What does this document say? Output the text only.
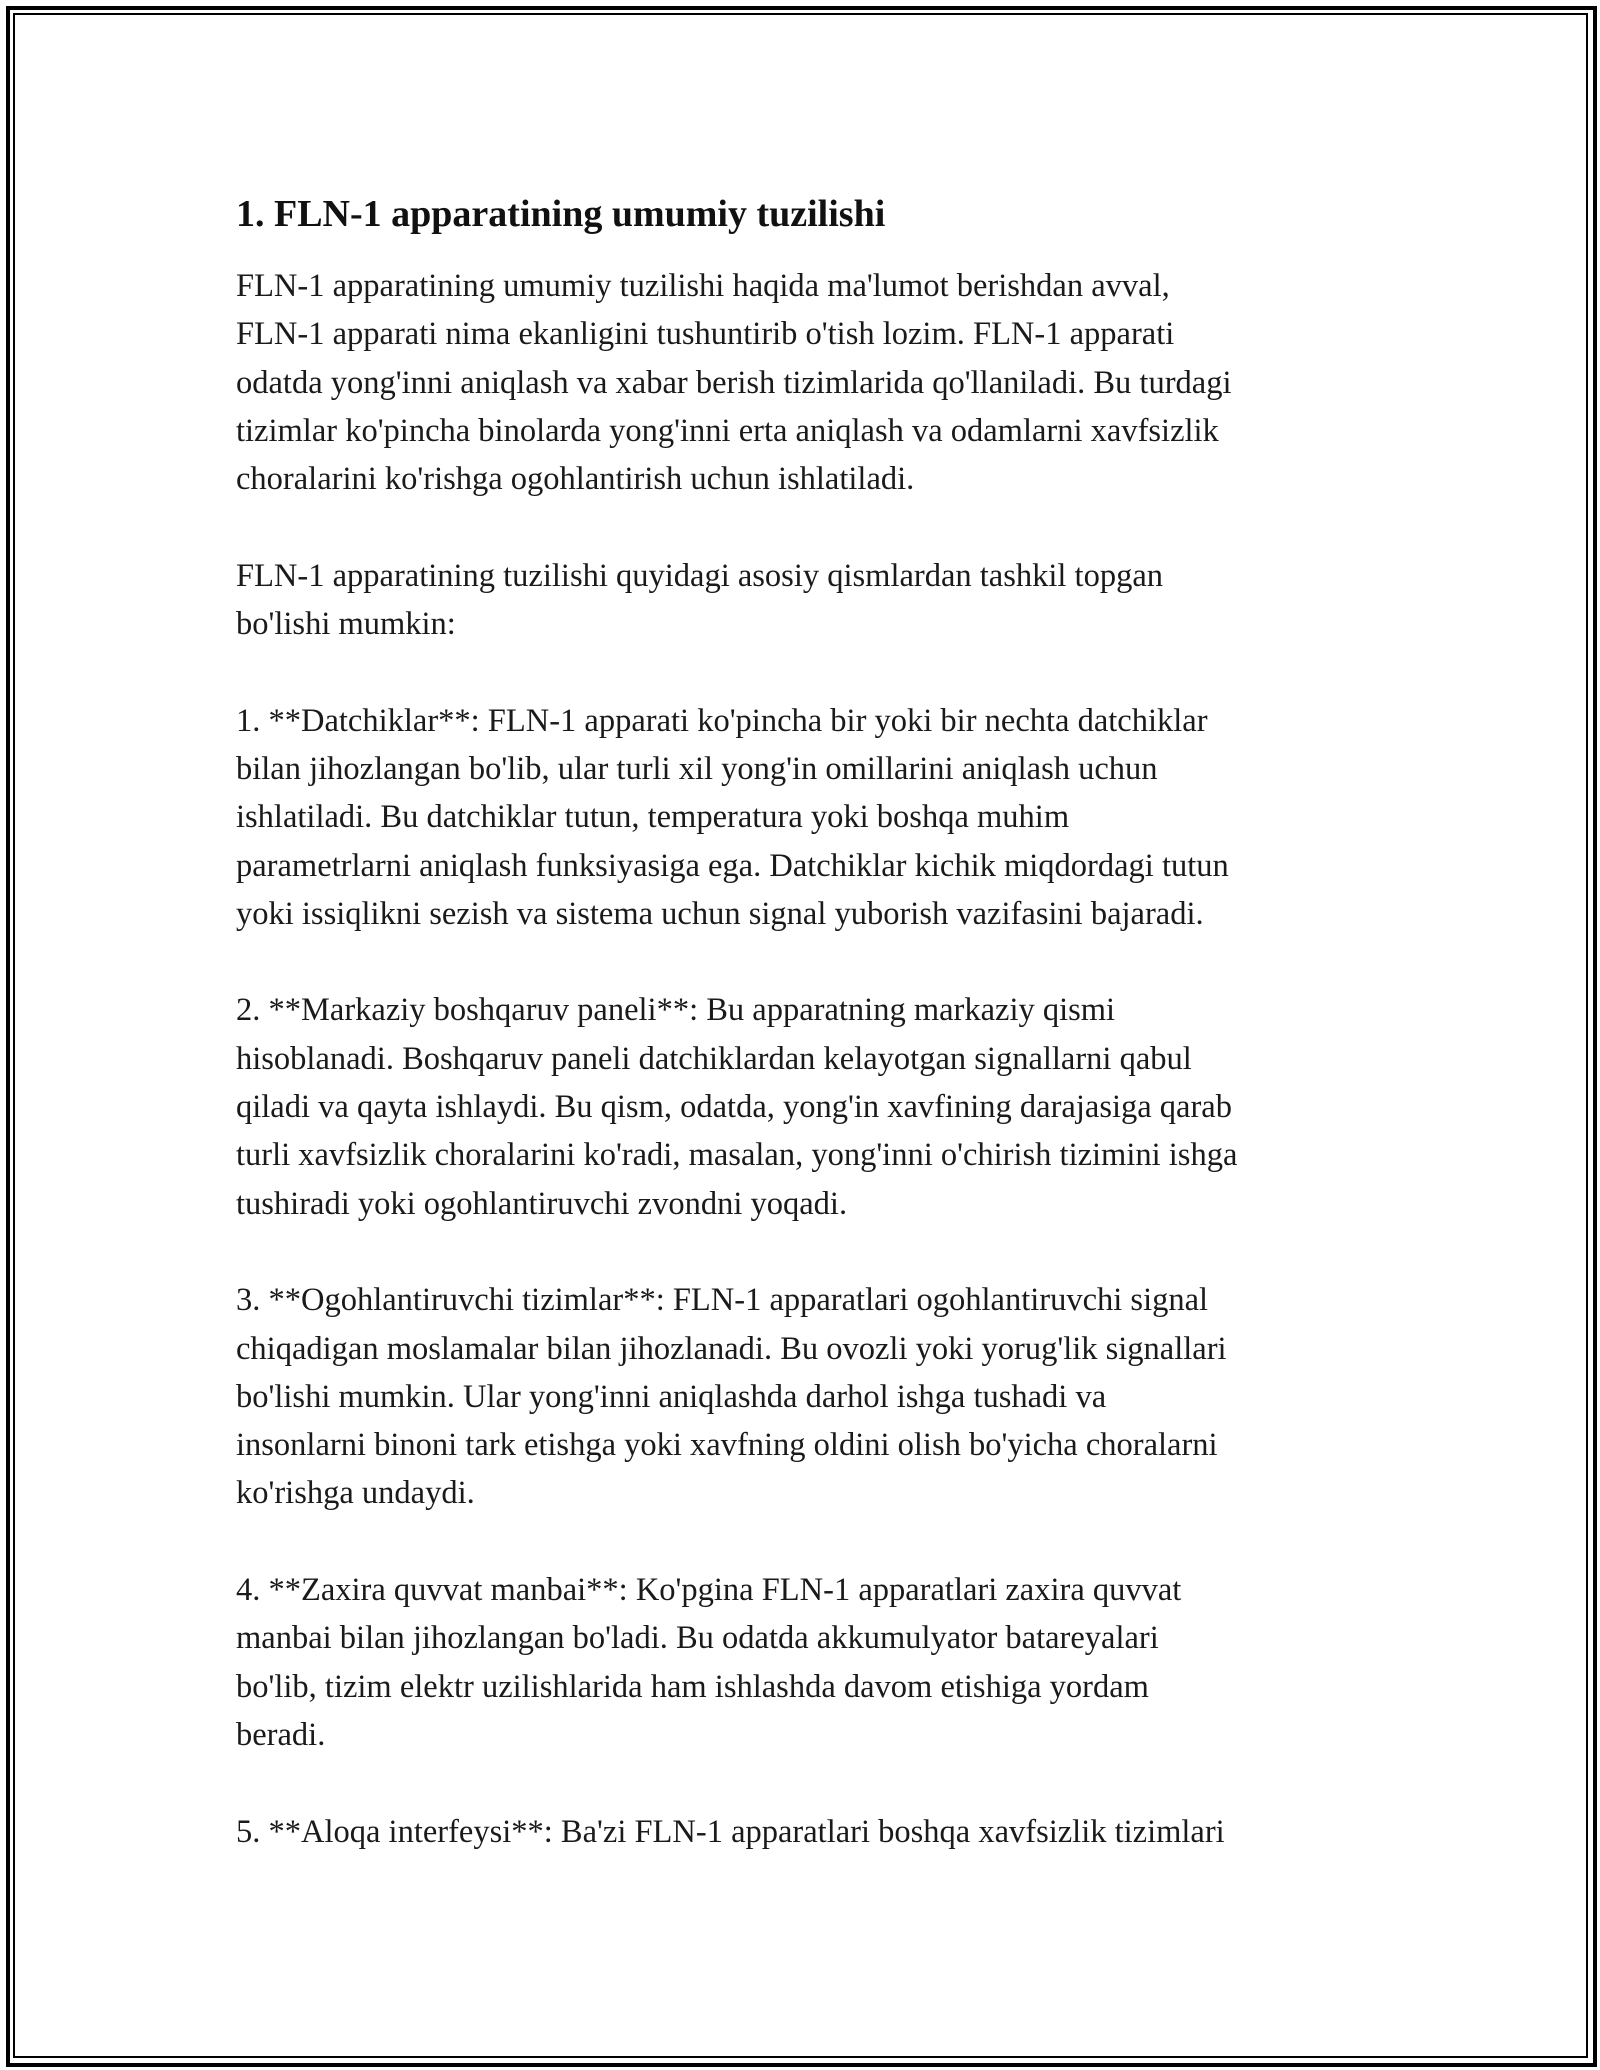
1. FLN-1 apparatining umumiy tuzilishi

FLN-1 apparatining umumiy tuzilishi haqida ma'lumot berishdan avval,
FLN-1 apparati nima ekanligini tushuntirib o'tish lozim. FLN-1 apparati
odatda yong'inni aniqlash va xabar berish tizimlarida qo'llaniladi. Bu turdagi
tizimlar ko'pincha binolarda yong'inni erta aniqlash va odamlarni xavfsizlik
choralarini ko'rishga ogohlantirish uchun ishlatiladi.

FLN-1 apparatining tuzilishi quyidagi asosiy qismlardan tashkil topgan
bo'lishi mumkin:

1. **Datchiklar**: FLN-1 apparati ko'pincha bir yoki bir nechta datchiklar
bilan jihozlangan bo'lib, ular turli xil yong'in omillarini aniqlash uchun
ishlatiladi. Bu datchiklar tutun, temperatura yoki boshqa muhim
parametrlarni aniqlash funksiyasiga ega. Datchiklar kichik miqdordagi tutun
yoki issiqlikni sezish va sistema uchun signal yuborish vazifasini bajaradi.

2. **Markaziy boshqaruv paneli**: Bu apparatning markaziy qismi
hisoblanadi. Boshqaruv paneli datchiklardan kelayotgan signallarni qabul
qiladi va qayta ishlaydi. Bu qism, odatda, yong'in xavfining darajasiga qarab
turli xavfsizlik choralarini ko'radi, masalan, yong'inni o'chirish tizimini ishga
tushiradi yoki ogohlantiruvchi zvondni yoqadi.

3. **Ogohlantiruvchi tizimlar**: FLN-1 apparatlari ogohlantiruvchi signal
chiqadigan moslamalar bilan jihozlanadi. Bu ovozli yoki yorug'lik signallari
bo'lishi mumkin. Ular yong'inni aniqlashda darhol ishga tushadi va
insonlarni binoni tark etishga yoki xavfning oldini olish bo'yicha choralarni
ko'rishga undaydi.

4. **Zaxira quvvat manbai**: Ko'pgina FLN-1 apparatlari zaxira quvvat
manbai bilan jihozlangan bo'ladi. Bu odatda akkumulyator batareyalari
bo'lib, tizim elektr uzilishlarida ham ishlashda davom etishiga yordam
beradi.

5. **Aloqa interfeysi**: Ba'zi FLN-1 apparatlari boshqa xavfsizlik tizimlari
